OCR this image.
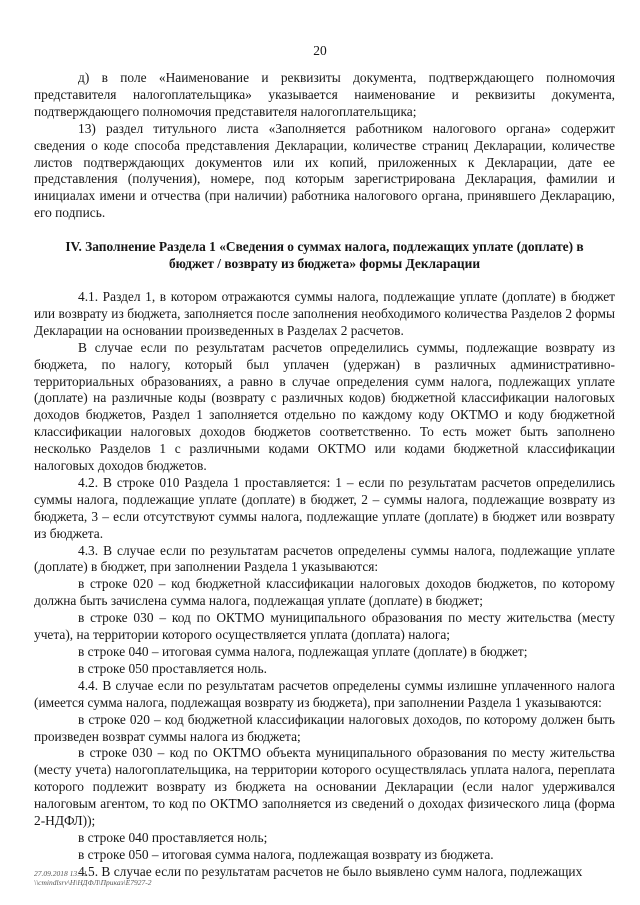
20

д) в поле «Наименование и реквизиты документа, подтверждающего полномочия представителя налогоплательщика» указывается наименование и реквизиты документа, подтверждающего полномочия представителя налогоплательщика;

13) раздел титульного листа «Заполняется работником налогового органа» содержит сведения о коде способа представления Декларации, количестве страниц Декларации, количестве листов подтверждающих документов или их копий, приложенных к Декларации, дате ее представления (получения), номере, под которым зарегистрирована Декларация, фамилии и инициалах имени и отчества (при наличии) работника налогового органа, принявшего Декларацию, его подпись.

IV. Заполнение Раздела 1 «Сведения о суммах налога, подлежащих уплате (доплате) в бюджет / возврату из бюджета» формы Декларации

4.1. Раздел 1, в котором отражаются суммы налога, подлежащие уплате (доплате) в бюджет или возврату из бюджета, заполняется после заполнения необходимого количества Разделов 2 формы Декларации на основании произведенных в Разделах 2 расчетов.

В случае если по результатам расчетов определились суммы, подлежащие возврату из бюджета, по налогу, который был уплачен (удержан) в различных административно-территориальных образованиях, а равно в случае определения сумм налога, подлежащих уплате (доплате) на различные коды (возврату с различных кодов) бюджетной классификации налоговых доходов бюджетов, Раздел 1 заполняется отдельно по каждому коду ОКТМО и коду бюджетной классификации налоговых доходов бюджетов соответственно. То есть может быть заполнено несколько Разделов 1 с различными кодами ОКТМО или кодами бюджетной классификации налоговых доходов бюджетов.

4.2. В строке 010 Раздела 1 проставляется: 1 – если по результатам расчетов определились суммы налога, подлежащие уплате (доплате) в бюджет, 2 – суммы налога, подлежащие возврату из бюджета, 3 – если отсутствуют суммы налога, подлежащие уплате (доплате) в бюджет или возврату из бюджета.

4.3. В случае если по результатам расчетов определены суммы налога, подлежащие уплате (доплате) в бюджет, при заполнении Раздела 1 указываются:

в строке 020 – код бюджетной классификации налоговых доходов бюджетов, по которому должна быть зачислена сумма налога, подлежащая уплате (доплате) в бюджет;

в строке 030 – код по ОКТМО муниципального образования по месту жительства (месту учета), на территории которого осуществляется уплата (доплата) налога;

в строке 040 – итоговая сумма налога, подлежащая уплате (доплате) в бюджет;

в строке 050 проставляется ноль.

4.4. В случае если по результатам расчетов определены суммы излишне уплаченного налога (имеется сумма налога, подлежащая возврату из бюджета), при заполнении Раздела 1 указываются:

в строке 020 – код бюджетной классификации налоговых доходов, по которому должен быть произведен возврат суммы налога из бюджета;

в строке 030 – код по ОКТМО объекта муниципального образования по месту жительства (месту учета) налогоплательщика, на территории которого осуществлялась уплата налога, переплата которого подлежит возврату из бюджета на основании Декларации (если налог удерживался налоговым агентом, то код по ОКТМО заполняется из сведений о доходах физического лица (форма 2-НДФЛ));

в строке 040 проставляется ноль;

в строке 050 – итоговая сумма налога, подлежащая возврату из бюджета.

4.5. В случае если по результатам расчетов не было выявлено сумм налога, подлежащих

27.09.2018 13:31
\\cmindlsrv\Н\НДФЛ\Приказ\Е7927-2
